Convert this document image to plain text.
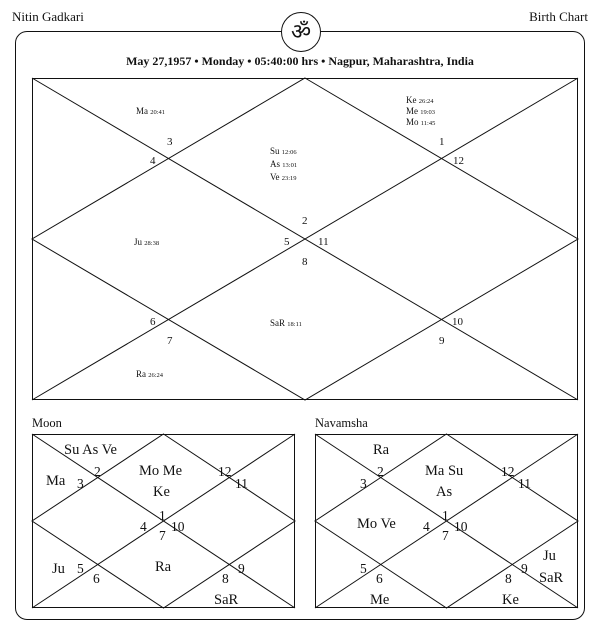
Nitin Gadkari	Birth Chart
ॐ
May 27,1957 • Monday • 05:40:00 hrs • Nagpur, Maharashtra, India
Ke 26:24
Me 19:03
Mo 11:45
1
12
Ma 20:41
3
4
Su 12:06
As 13:01
Ve 23:19
2
5	11
8
Ju 28:38
SaR 18:11
6
7
Ra 26:24
10
9
Moon
Su As Ve
Ma
Mo Me
Ke
Ju	Ra
SaR
2
3
4
1
7
10
11
12
5
6	8
9
Navamsha
Ra
Ma Su
As
Mo Ve
Ju
SaR
Me	Ke
2
3
4
1
7
10
11
12
5
6	8
9
